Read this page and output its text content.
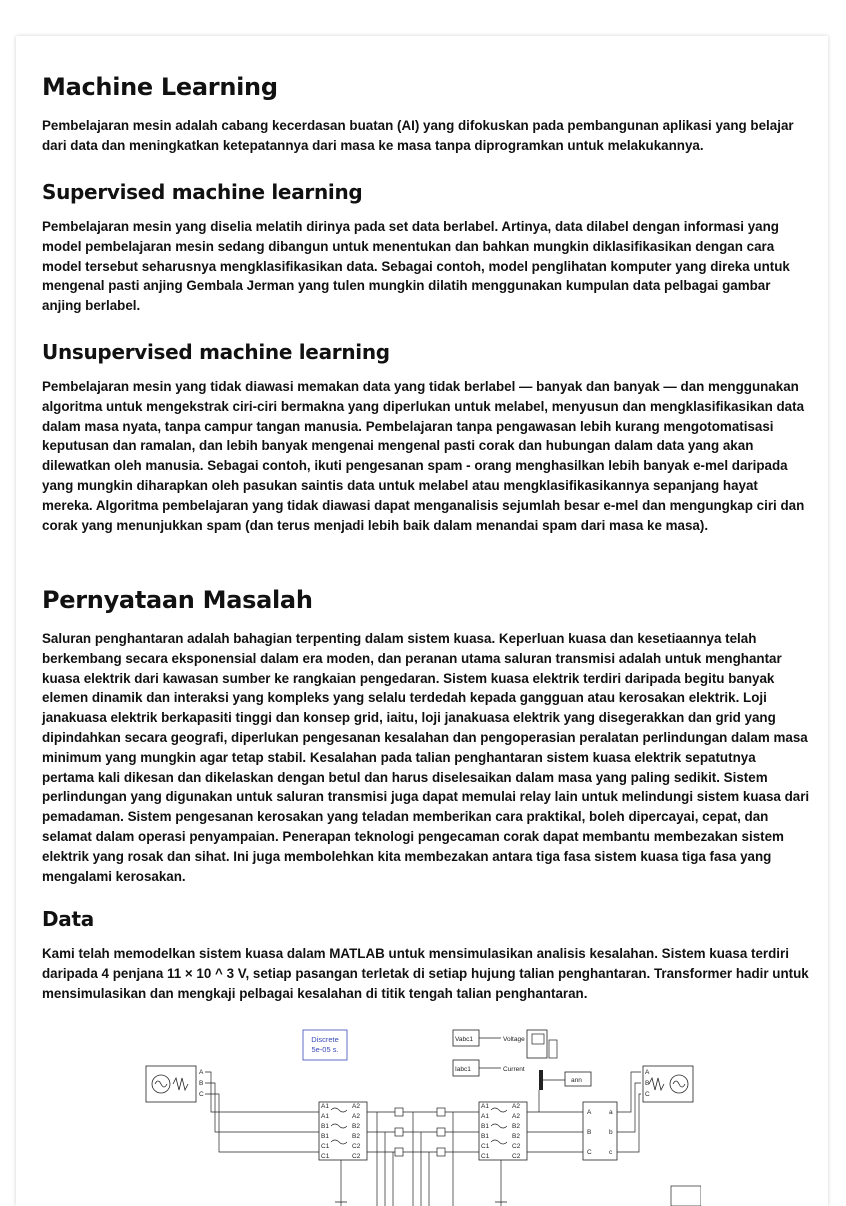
Machine Learning

Pembelajaran mesin adalah cabang kecerdasan buatan (AI) yang difokuskan pada pembangunan aplikasi yang belajar dari data dan meningkatkan ketepatannya dari masa ke masa tanpa diprogramkan untuk melakukannya.

Supervised machine learning

Pembelajaran mesin yang diselia melatih dirinya pada set data berlabel. Artinya, data dilabel dengan informasi yang model pembelajaran mesin sedang dibangun untuk menentukan dan bahkan mungkin diklasifikasikan dengan cara model tersebut seharusnya mengklasifikasikan data. Sebagai contoh, model penglihatan komputer yang direka untuk mengenal pasti anjing Gembala Jerman yang tulen mungkin dilatih menggunakan kumpulan data pelbagai gambar anjing berlabel.

Unsupervised machine learning

Pembelajaran mesin yang tidak diawasi memakan data yang tidak berlabel — banyak dan banyak — dan menggunakan algoritma untuk mengekstrak ciri-ciri bermakna yang diperlukan untuk melabel, menyusun dan mengklasifikasikan data dalam masa nyata, tanpa campur tangan manusia. Pembelajaran tanpa pengawasan lebih kurang mengotomatisasi keputusan dan ramalan, dan lebih banyak mengenai mengenal pasti corak dan hubungan dalam data yang akan dilewatkan oleh manusia. Sebagai contoh, ikuti pengesanan spam - orang menghasilkan lebih banyak e-mel daripada yang mungkin diharapkan oleh pasukan saintis data untuk melabel atau mengklasifikasikannya sepanjang hayat mereka. Algoritma pembelajaran yang tidak diawasi dapat menganalisis sejumlah besar e-mel dan mengungkap ciri dan corak yang menunjukkan spam (dan terus menjadi lebih baik dalam menandai spam dari masa ke masa).

Pernyataan Masalah

Saluran penghantaran adalah bahagian terpenting dalam sistem kuasa. Keperluan kuasa dan kesetiaannya telah berkembang secara eksponensial dalam era moden, dan peranan utama saluran transmisi adalah untuk menghantar kuasa elektrik dari kawasan sumber ke rangkaian pengedaran. Sistem kuasa elektrik terdiri daripada begitu banyak elemen dinamik dan interaksi yang kompleks yang selalu terdedah kepada gangguan atau kerosakan elektrik. Loji janakuasa elektrik berkapasiti tinggi dan konsep grid, iaitu, loji janakuasa elektrik yang disegerakkan dan grid yang dipindahkan secara geografi, diperlukan pengesanan kesalahan dan pengoperasian peralatan perlindungan dalam masa minimum yang mungkin agar tetap stabil. Kesalahan pada talian penghantaran sistem kuasa elektrik sepatutnya pertama kali dikesan dan dikelaskan dengan betul dan harus diselesaikan dalam masa yang paling sedikit. Sistem perlindungan yang digunakan untuk saluran transmisi juga dapat memulai relay lain untuk melindungi sistem kuasa dari pemadaman. Sistem pengesanan kerosakan yang teladan memberikan cara praktikal, boleh dipercayai, cepat, dan selamat dalam operasi penyampaian. Penerapan teknologi pengecaman corak dapat membantu membezakan sistem elektrik yang rosak dan sihat. Ini juga membolehkan kita membezakan antara tiga fasa sistem kuasa tiga fasa yang mengalami kerosakan.

Data

Kami telah memodelkan sistem kuasa dalam MATLAB untuk mensimulasikan analisis kesalahan. Sistem kuasa terdiri daripada 4 penjana 11 × 10 ^ 3 V, setiap pasangan terletak di setiap hujung talian penghantaran. Transformer hadir untuk mensimulasikan dan mengkaji pelbagai kesalahan di titik tengah talian penghantaran.

Discrete
5e-05 s.
A
B
C
A
B
C
Vabc1
Iabc1
Voltage
Current
ann
A1
A1
B1
B1
C1
C1
A2
A2
B2
B2
C2
C2
A1
A1
B1
B1
C1
C1
A2
A2
B2
B2
C2
C2
A
B
C
a
b
c
